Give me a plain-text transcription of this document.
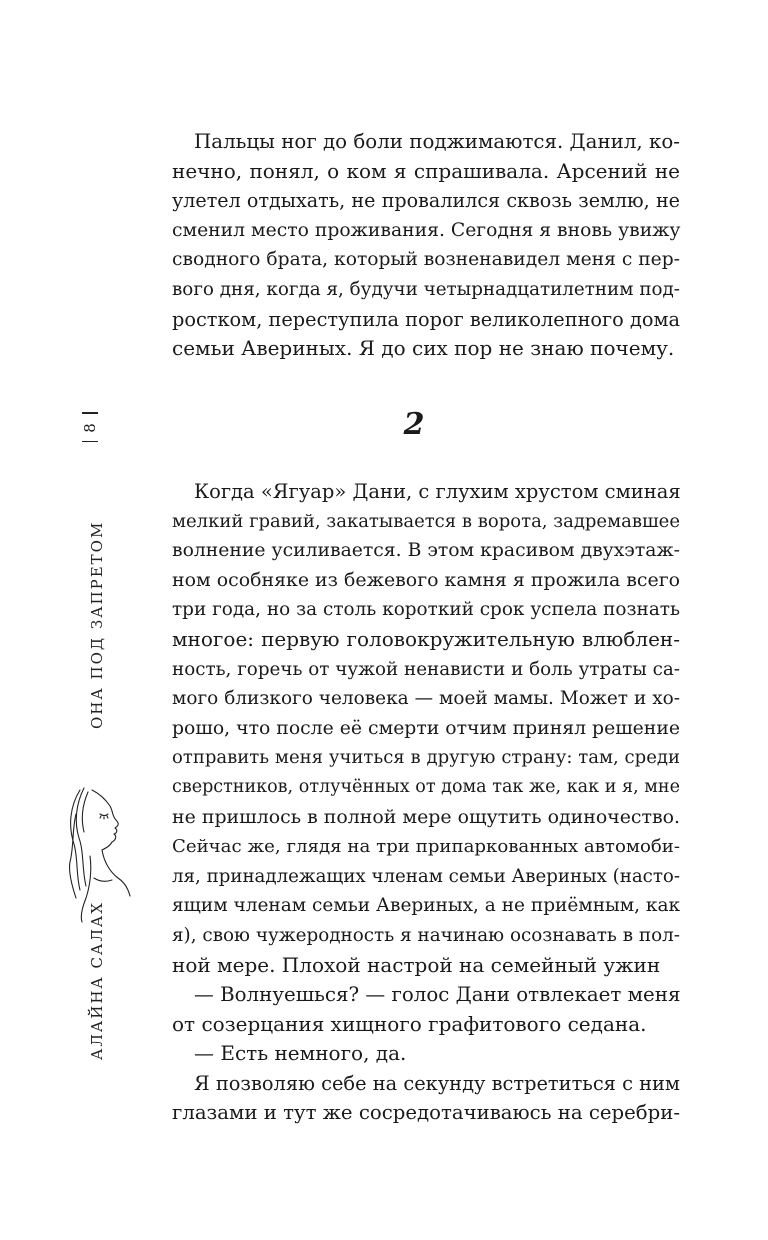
8
ОНА ПОД ЗАПРЕТОМ
АЛАЙНА САЛАХ
Пальцы ног до боли поджимаются. Данил, ко-
нечно, понял, о ком я спрашивала. Арсений не
улетел отдыхать, не провалился сквозь землю, не
сменил место проживания. Сегодня я вновь увижу
сводного брата, который возненавидел меня с пер-
вого дня, когда я, будучи четырнадцатилетним под-
ростком, переступила порог великолепного дома
семьи Авериных. Я до сих пор не знаю почему.
2
Когда «Ягуар» Дани, с глухим хрустом сминая
мелкий гравий, закатывается в ворота, задремавшее
волнение усиливается. В этом красивом двухэтаж-
ном особняке из бежевого камня я прожила всего
три года, но за столь короткий срок успела познать
многое: первую головокружительную влюблен-
ность, горечь от чужой ненависти и боль утраты са-
мого близкого человека — моей мамы. Может и хо-
рошо, что после её смерти отчим принял решение
отправить меня учиться в другую страну: там, среди
сверстников, отлучённых от дома так же, как и я, мне
не пришлось в полной мере ощутить одиночество.
Сейчас же, глядя на три припаркованных автомоби-
ля, принадлежащих членам семьи Авериных (насто-
ящим членам семьи Авериных, а не приёмным, как
я), свою чужеродность я начинаю осознавать в пол-
ной мере. Плохой настрой на семейный ужин
— Волнуешься? — голос Дани отвлекает меня
от созерцания хищного графитового седана.
— Есть немного, да.
Я позволяю себе на секунду встретиться с ним
глазами и тут же сосредотачиваюсь на серебри-
